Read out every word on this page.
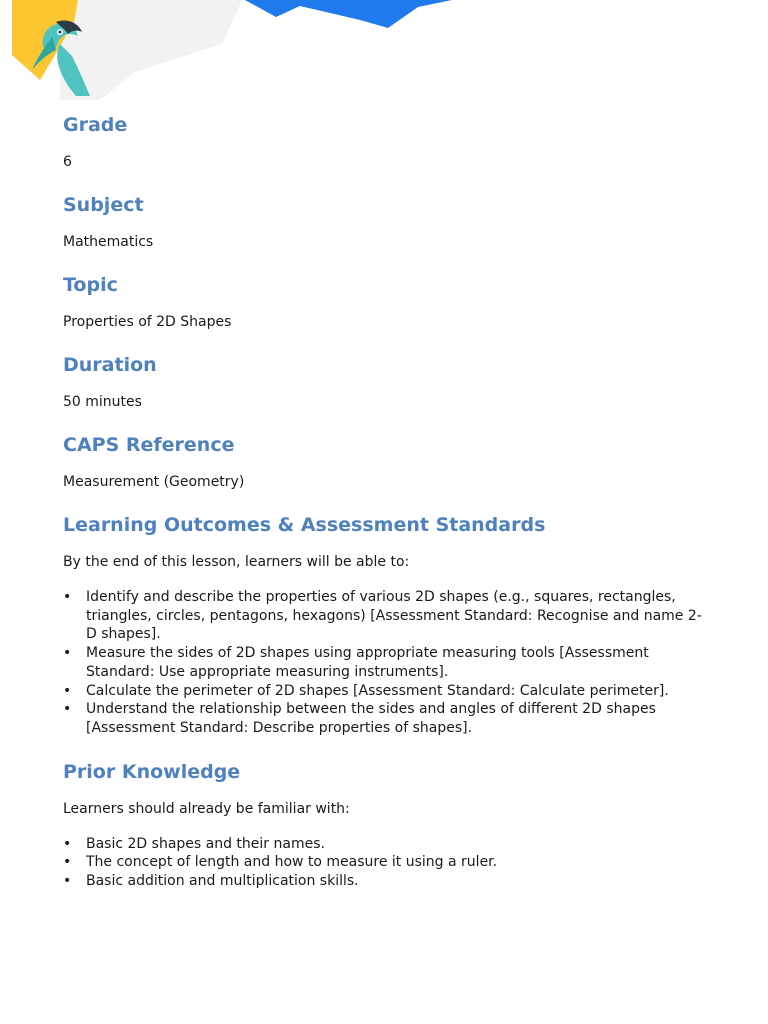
Grade

6

Subject

Mathematics

Topic

Properties of 2D Shapes

Duration

50 minutes

CAPS Reference

Measurement (Geometry)

Learning Outcomes & Assessment Standards

By the end of this lesson, learners will be able to:

• Identify and describe the properties of various 2D shapes (e.g., squares, rectangles, triangles, circles, pentagons, hexagons) [Assessment Standard: Recognise and name 2-D shapes].
• Measure the sides of 2D shapes using appropriate measuring tools [Assessment Standard: Use appropriate measuring instruments].
• Calculate the perimeter of 2D shapes [Assessment Standard: Calculate perimeter].
• Understand the relationship between the sides and angles of different 2D shapes [Assessment Standard: Describe properties of shapes].
Prior Knowledge

Learners should already be familiar with:

• Basic 2D shapes and their names.
• The concept of length and how to measure it using a ruler.
• Basic addition and multiplication skills.
